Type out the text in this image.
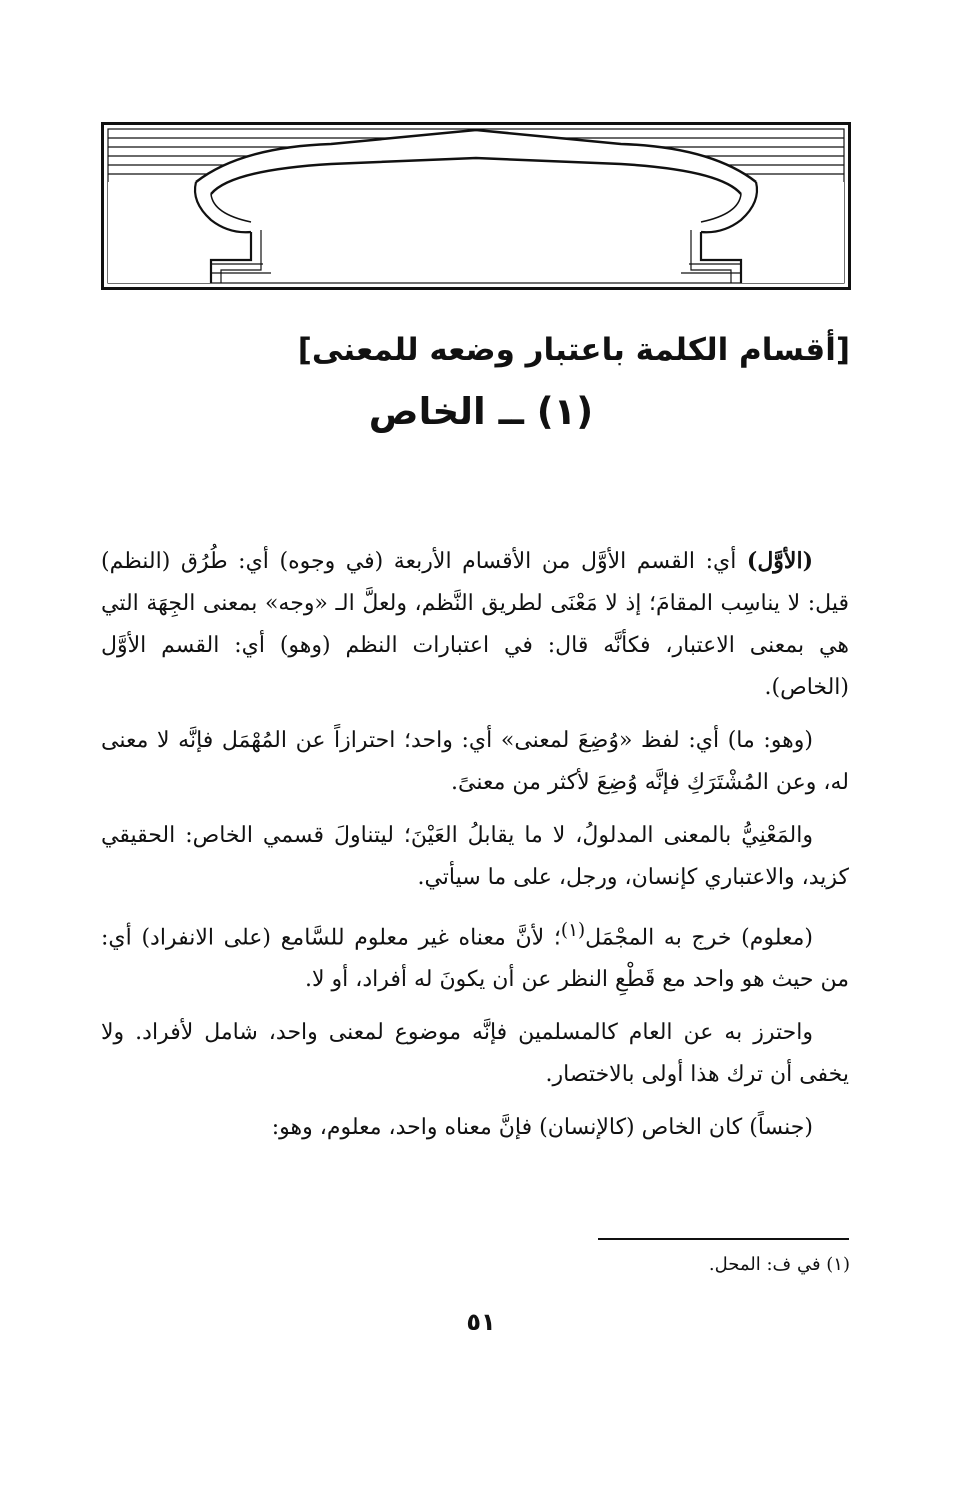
[أقسام الكلمة باعتبار وضعه للمعنى]
(١) ــ الخاص

(الأوَّل) أي: القسم الأوَّل من الأقسام الأربعة (في وجوه) أي: طُرُق (النظم) قيل: لا يناسِب المقامَ؛ إذ لا مَعْنَى لطريق النَّظم، ولعلَّ الـ «وجه» بمعنى الجِهَة التي هي بمعنى الاعتبار، فكأنَّه قال: في اعتبارات النظم (وهو) أي: القسم الأوَّل (الخاص).

(وهو: ما) أي: لفظ «وُضِعَ لمعنى» أي: واحد؛ احترازاً عن المُهْمَل فإنَّه لا معنى له، وعن المُشْتَرَكِ فإنَّه وُضِعَ لأكثر من معنىً.

والمَعْنِيُّ بالمعنى المدلولُ، لا ما يقابلُ العَيْنَ؛ ليتناولَ قسمي الخاص: الحقيقي كزيد، والاعتباري كإنسان، ورجل، على ما سيأتي.

(معلوم) خرج به المجْمَل$^{(١)}$؛ لأنَّ معناه غير معلوم للسَّامع (على الانفراد) أي: من حيث هو واحد مع قَطْعِ النظر عن أن يكونَ له أفراد، أو لا.

واحترز به عن العام كالمسلمين فإنَّه موضوع لمعنى واحد، شامل لأفراد. ولا يخفى أن ترك هذا أولى بالاختصار.

(جنساً) كان الخاص (كالإنسان) فإنَّ معناه واحد، معلوم، وهو:

(١) في ف: المحل.
٥١
